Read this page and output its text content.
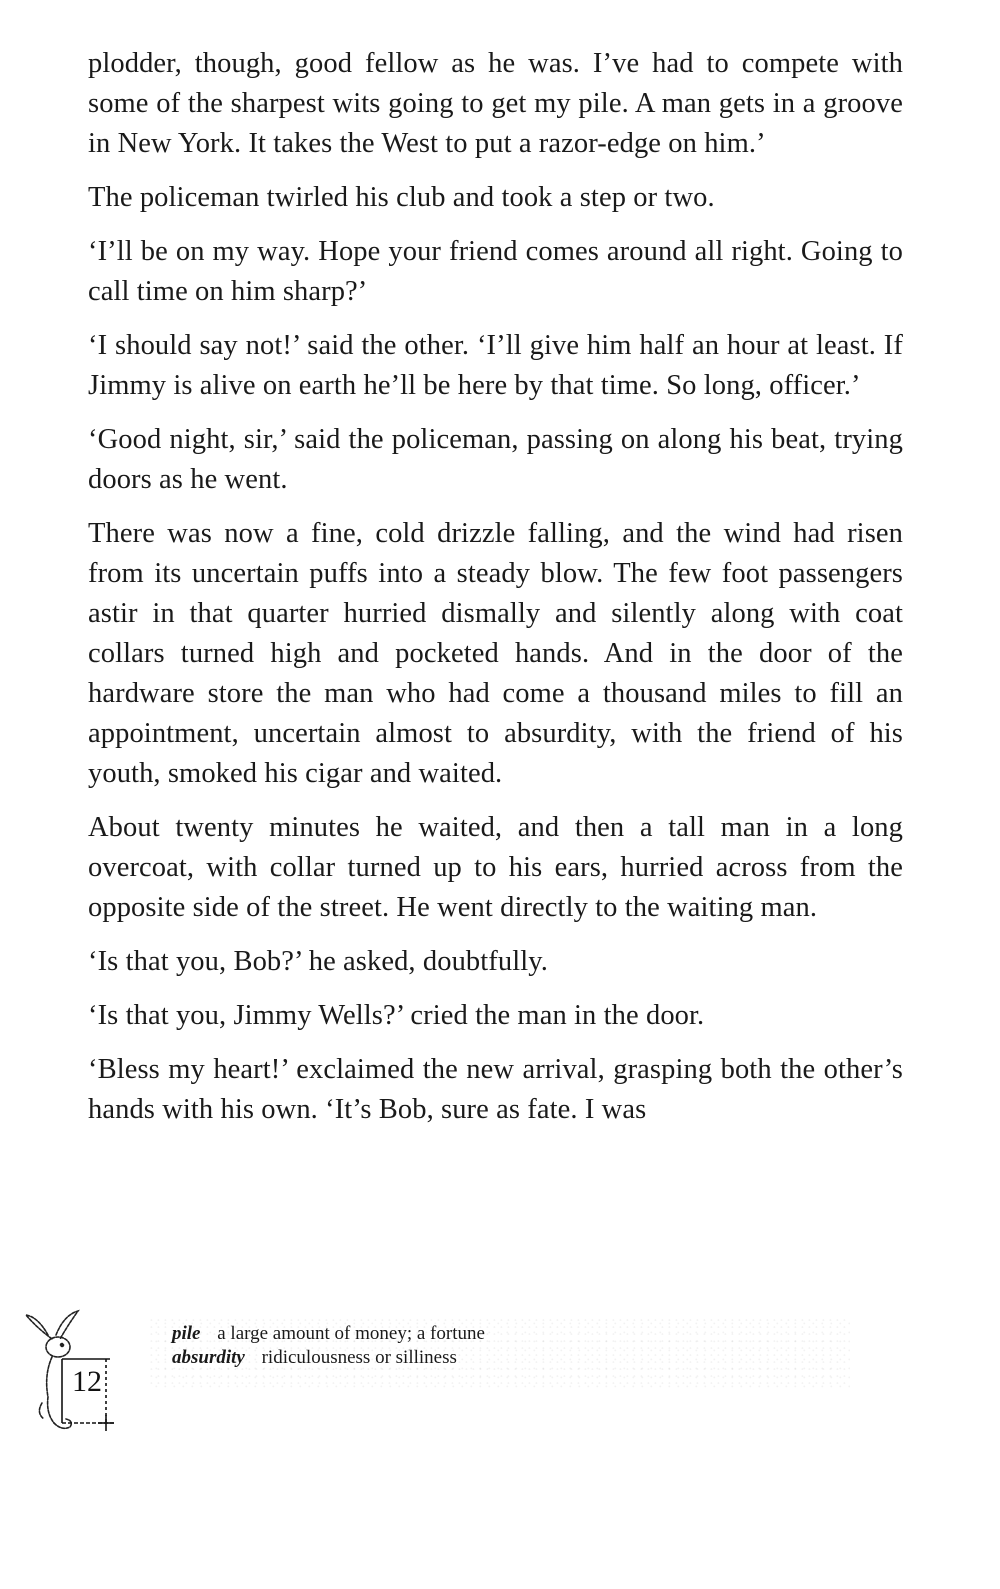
plodder, though, good fellow as he was. I’ve had to compete with some of the sharpest wits going to get my pile. A man gets in a groove in New York. It takes the West to put a razor-edge on him.’

The policeman twirled his club and took a step or two.

‘I’ll be on my way. Hope your friend comes around all right. Going to call time on him sharp?’

‘I should say not!’ said the other. ‘I’ll give him half an hour at least. If Jimmy is alive on earth he’ll be here by that time. So long, officer.’

‘Good night, sir,’ said the policeman, passing on along his beat, trying doors as he went.

There was now a fine, cold drizzle falling, and the wind had risen from its uncertain puffs into a steady blow. The few foot passengers astir in that quarter hurried dismally and silently along with coat collars turned high and pocketed hands. And in the door of the hardware store the man who had come a thousand miles to fill an appointment, uncertain almost to absurdity, with the friend of his youth, smoked his cigar and waited.

About twenty minutes he waited, and then a tall man in a long overcoat, with collar turned up to his ears, hurried across from the opposite side of the street. He went directly to the waiting man.

‘Is that you, Bob?’ he asked, doubtfully.

‘Is that you, Jimmy Wells?’ cried the man in the door.

‘Bless my heart!’ exclaimed the new arrival, grasping both the other’s hands with his own. ‘It’s Bob, sure as fate. I was

12
pile a large amount of money; a fortune
absurdity ridiculousness or silliness
